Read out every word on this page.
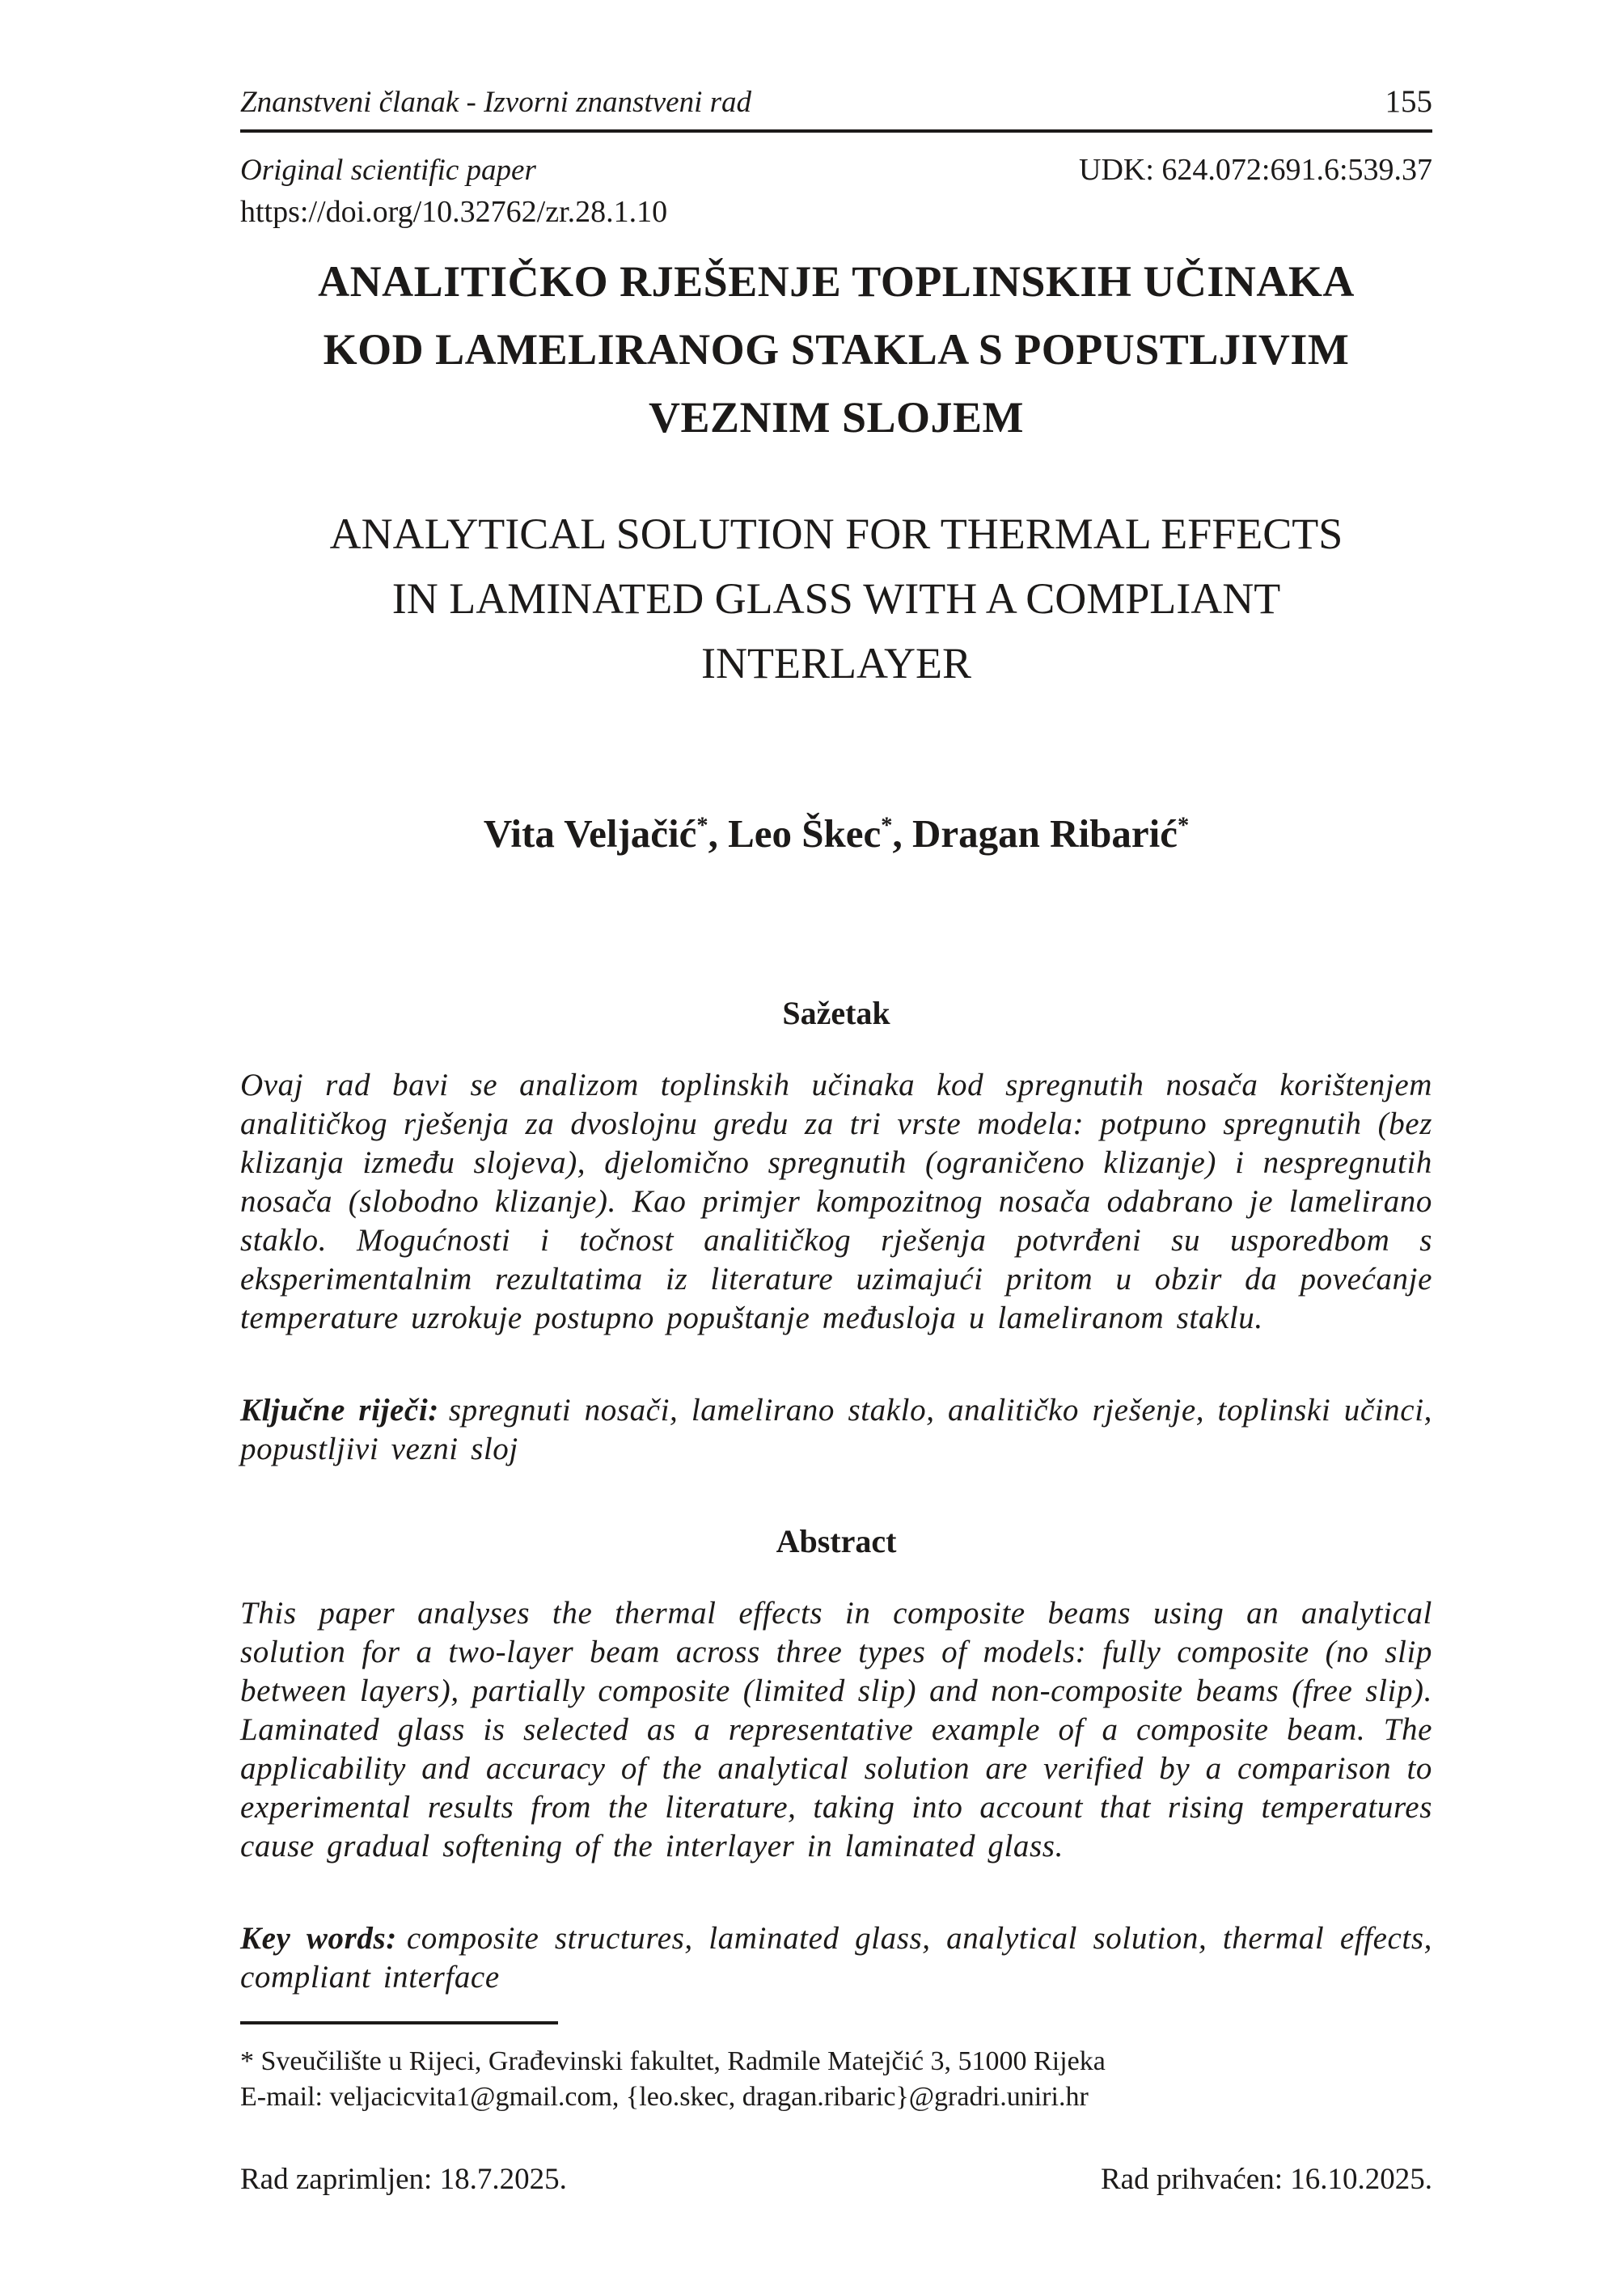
Znanstveni članak - Izvorni znanstveni rad	155
Original scientific paper	UDK: 624.072:691.6:539.37
https://doi.org/10.32762/zr.28.1.10
ANALITIČKO RJEŠENJE TOPLINSKIH UČINAKA
KOD LAMELIRANOG STAKLA S POPUSTLJIVIM
VEZNIM SLOJEM
ANALYTICAL SOLUTION FOR THERMAL EFFECTS
IN LAMINATED GLASS WITH A COMPLIANT
INTERLAYER
Vita Veljačić*, Leo Škec*, Dragan Ribarić*
Sažetak
Ovaj rad bavi se analizom toplinskih učinaka kod spregnutih nosača korištenjem analitičkog rješenja za dvoslojnu gredu za tri vrste modela: potpuno spregnutih (bez klizanja između slojeva), djelomično spregnutih (ograničeno klizanje) i nespregnutih nosača (slobodno klizanje). Kao primjer kompozitnog nosača odabrano je lamelirano staklo. Mogućnosti i točnost analitičkog rješenja potvrđeni su usporedbom s eksperimentalnim rezultatima iz literature uzimajući pritom u obzir da povećanje temperature uzrokuje postupno popuštanje međusloja u lameliranom staklu.
Ključne riječi: spregnuti nosači, lamelirano staklo, analitičko rješenje, toplinski učinci, popustljivi vezni sloj
Abstract
This paper analyses the thermal effects in composite beams using an analytical solution for a two-layer beam across three types of models: fully composite (no slip between layers), partially composite (limited slip) and non-composite beams (free slip). Laminated glass is selected as a representative example of a composite beam. The applicability and accuracy of the analytical solution are verified by a comparison to experimental results from the literature, taking into account that rising temperatures cause gradual softening of the interlayer in laminated glass.
Key words: composite structures, laminated glass, analytical solution, thermal effects, compliant interface
* Sveučilište u Rijeci, Građevinski fakultet, Radmile Matejčić 3, 51000 Rijeka
E-mail: veljacicvita1@gmail.com, {leo.skec, dragan.ribaric}@gradri.uniri.hr
Rad zaprimljen: 18.7.2025.	Rad prihvaćen: 16.10.2025.
